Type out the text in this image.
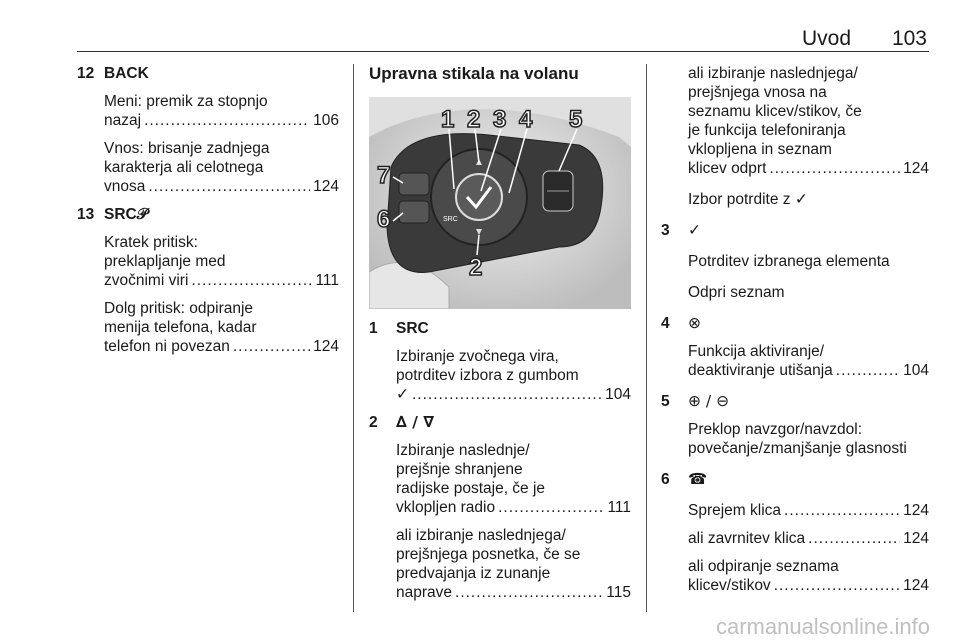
Uvod 103
12 BACK
Meni: premik za stopnjo
nazaj .....	106
Vnos: brisanje zadnjega
karakterja ali celotnega
vnosa .....	124
13 SRC𝒫
Kratek pritisk:
preklapljanje med
zvočnimi viri .....	111
Dolg pritisk: odpiranje
menija telefona, kadar
telefon ni povezan .....	124
Upravna stikala na volanu
SRC
1 2 3 4 5
6
7
2
1 SRC
Izbiranje zvočnega vira,
potrditev izbora z gumbom
✓ .....	104
2 ∆ / ∇
Izbiranje naslednje/
prejšnje shranjene
radijske postaje, če je
vklopljen radio .....	111
ali izbiranje naslednjega/
prejšnjega posnetka, če se
predvajanja iz zunanje
naprave .....	115
ali izbiranje naslednjega/
prejšnjega vnosa na
seznamu klicev/stikov, če
je funkcija telefoniranja
vklopljena in seznam
klicev odprt .....	124
Izbor potrdite z ✓
3 ✓
Potrditev izbranega elementa
Odpri seznam
4 ⊗
Funkcija aktiviranje/
deaktiviranje utišanja .....	104
5 ⊕ / ⊖
Preklop navzgor/navzdol:
povečanje/zmanjšanje glasnosti
6 ☎
Sprejem klica .....	124
ali zavrnitev klica .....	124
ali odpiranje seznama
klicev/stikov .....	124
carmanualsonline.info
